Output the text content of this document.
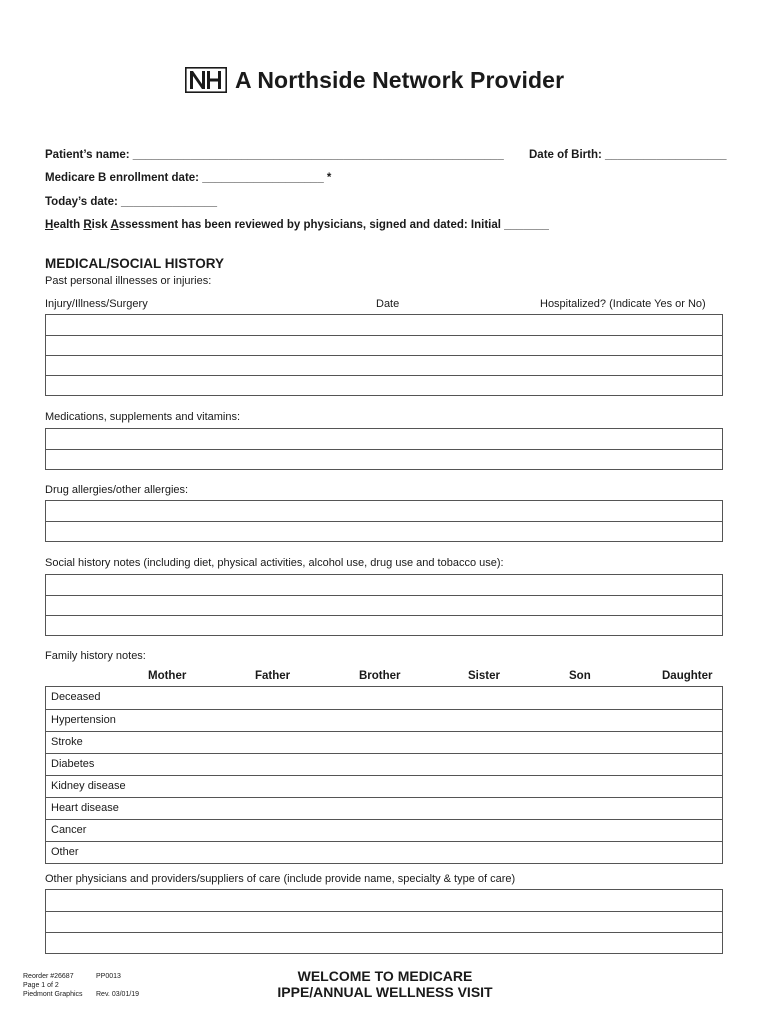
A Northside Network Provider
Patient’s name: __________________________________________________________ Date of Birth: ___________________
Medicare B enrollment date: ___________________ *
Today’s date: _______________
Health Risk Assessment has been reviewed by physicians, signed and dated: Initial _______
MEDICAL/SOCIAL HISTORY
Past personal illnesses or injuries:
Injury/Illness/Surgery	Date	Hospitalized? (Indicate Yes or No)
Medications, supplements and vitamins:
Drug allergies/other allergies:
Social history notes (including diet, physical activities, alcohol use, drug use and tobacco use):
Family history notes:
Mother	Father	Brother	Sister	Son	Daughter
Deceased
Hypertension
Stroke
Diabetes
Kidney disease
Heart disease
Cancer
Other
Other physicians and providers/suppliers of care (include provide name, specialty & type of care)
Reorder #26687
Page 1 of 2
Piedmont Graphics
PP0013
Rev. 03/01/19
WELCOME TO MEDICARE
IPPE/ANNUAL WELLNESS VISIT
